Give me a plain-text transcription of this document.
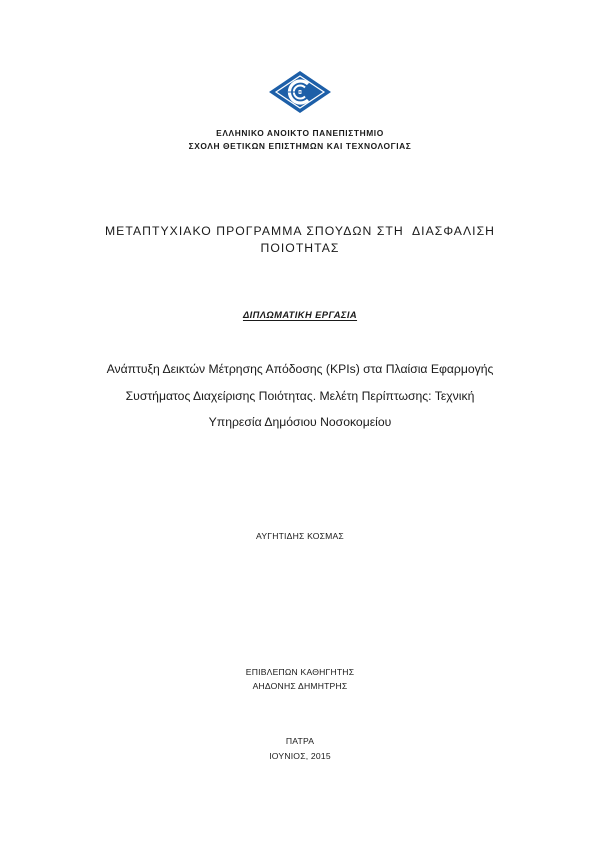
ΕΛΛΗΝΙΚΟ ΑΝΟΙΚΤΟ ΠΑΝΕΠΙΣΤΗΜΙΟ
ΣΧΟΛΗ ΘΕΤΙΚΩΝ ΕΠΙΣΤΗΜΩΝ ΚΑΙ ΤΕΧΝΟΛΟΓΙΑΣ
ΜΕΤΑΠΤΥΧΙΑΚΟ ΠΡΟΓΡΑΜΜΑ ΣΠΟΥΔΩΝ ΣΤΗ  ΔΙΑΣΦΑΛΙΣΗ
ΠΟΙΟΤΗΤΑΣ
ΔΙΠΛΩΜΑΤΙΚΗ ΕΡΓΑΣΙΑ
Ανάπτυξη Δεικτών Μέτρησης Απόδοσης (KPIs) στα Πλαίσια Εφαρμογής
Συστήματος Διαχείρισης Ποιότητας. Μελέτη Περίπτωσης: Τεχνική
Υπηρεσία Δημόσιου Νοσοκομείου
ΑΥΓΗΤΙΔΗΣ ΚΟΣΜΑΣ
ΕΠΙΒΛΕΠΩΝ ΚΑΘΗΓΗΤΗΣ
ΑΗΔΟΝΗΣ ΔΗΜΗΤΡΗΣ
ΠΑΤΡΑ
ΙΟΥΝΙΟΣ, 2015
